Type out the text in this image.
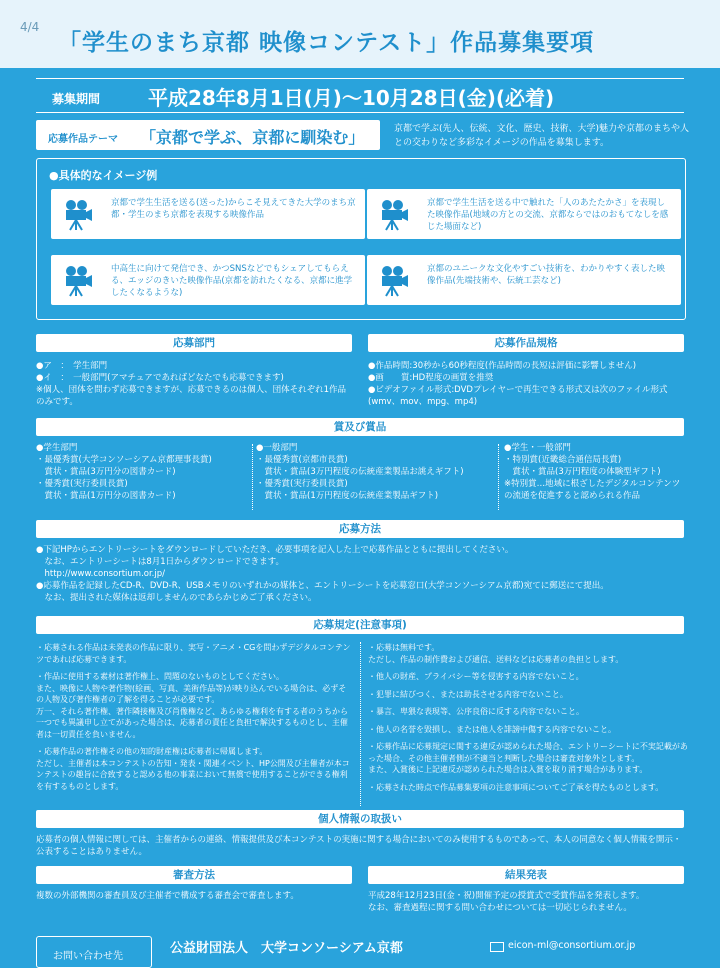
4/4
「学生のまち京都 映像コンテスト」作品募集要項
募集期間 平成28年8月1日(月)〜10月28日(金)(必着)
応募作品テーマ 「京都で学ぶ、京都に馴染む」	京都で学ぶ(先人、伝統、文化、歴史、技術、大学)魅力や京都のまちや人との交わりなど多彩なイメージの作品を募集します。
●具体的なイメージ例
京都で学生生活を送る(送った)からこそ見えてきた大学のまち京都・学生のまち京都を表現する映像作品
京都で学生生活を送る中で触れた「人のあたたかさ」を表現した映像作品(地域の方との交流、京都ならではのおもてなしを感じた場面など)
中高生に向けて発信でき、かつSNSなどでもシェアしてもらえる、エッジのきいた映像作品(京都を訪れたくなる、京都に進学したくなるような)
京都のユニークな文化やすごい技術を、わかりやすく表した映像作品(先端技術や、伝統工芸など)
応募部門	応募作品規格

●ア　：　学生部門

●イ　：　一般部門(アマチュアであればどなたでも応募できます)

※個人、団体を問わず応募できますが、応募できるのは個人、団体それぞれ1作品のみです。

●作品時間:30秒から60秒程度(作品時間の長短は評価に影響しません)

●画　　質:HD程度の画質を推奨

●ビデオファイル形式:DVDプレイヤーで再生できる形式又は次のファイル形式(wmv、mov、mpg、mp4)

賞及び賞品

●学生部門

・最優秀賞(大学コンソーシアム京都理事長賞)

　賞状・賞品(3万円分の図書カード)

・優秀賞(実行委員長賞)

　賞状・賞品(1万円分の図書カード)

●一般部門

・最優秀賞(京都市長賞)

　賞状・賞品(3万円程度の伝統産業製品お誂えギフト)

・優秀賞(実行委員長賞)

　賞状・賞品(1万円程度の伝統産業製品ギフト)

●学生・一般部門

・特別賞(近畿総合通信局長賞)

　賞状・賞品(3万円程度の体験型ギフト)

※特別賞…地域に根ざしたデジタルコンテンツの流通を促進すると認められる作品

応募方法

●下記HPからエントリーシートをダウンロードしていただき、必要事項を記入した上で応募作品とともに提出してください。

　なお、エントリーシートは8月1日からダウンロードできます。

　http://www.consortium.or.jp/

●応募作品を記録したCD-R、DVD-R、USBメモリのいずれかの媒体と、エントリーシートを応募窓口(大学コンソーシアム京都)宛てに郵送にて提出。

　なお、提出された媒体は返却しませんのであらかじめご了承ください。

応募規定(注意事項)

・応募される作品は未発表の作品に限り、実写・アニメ・CGを問わずデジタルコンテンツであれば応募できます。

・作品に使用する素材は著作権上、問題のないものとしてください。

また、映像に人物や著作物(絵画、写真、美術作品等)が映り込んでいる場合は、必ずその人物及び著作権者の了解を得ることが必要です。

万一、それら著作権、著作隣接権及び肖像権など、あらゆる権利を有する者のうちから一つでも異議申し立てがあった場合は、応募者の責任と負担で解決するものとし、主催者は一切責任を負いません。

・応募作品の著作権その他の知的財産権は応募者に帰属します。

ただし、主催者は本コンテストの告知・発表・関連イベント、HP公開及び主催者が本コンテストの趣旨に合致すると認める他の事業において無償で使用することができる権利を有するものとします。

・応募は無料です。

ただし、作品の制作費および通信、送料などは応募者の負担とします。

・他人の財産、プライバシー等を侵害する内容でないこと。

・犯罪に結びつく、または助長させる内容でないこと。

・暴言、卑猥な表現等、公序良俗に反する内容でないこと。

・他人の名誉を毀損し、または他人を誹謗中傷する内容でないこと。

・応募作品に応募規定に関する違反が認められた場合、エントリーシートに不実記載があった場合、その他主催者側が不適当と判断した場合は審査対象外とします。

また、入賞後に上記違反が認められた場合は入賞を取り消す場合があります。

・応募された時点で作品募集要項の注意事項についてご了承を得たものとします。

個人情報の取扱い
応募者の個人情報に関しては、主催者からの連絡、情報提供及び本コンテストの実施に関する場合においてのみ使用するものであって、本人の同意なく個人情報を開示・公表することはありません。
審査方法	結果発表
複数の外部機関の審査員及び主催者で構成する審査会で審査します。	平成28年12月23日(金・祝)開催予定の授賞式で受賞作品を発表します。

なお、審査過程に関する問い合わせについては一切応じられません。

お問い合わせ先
公益財団法人　大学コンソーシアム京都	eicon-ml@consortium.or.jp
